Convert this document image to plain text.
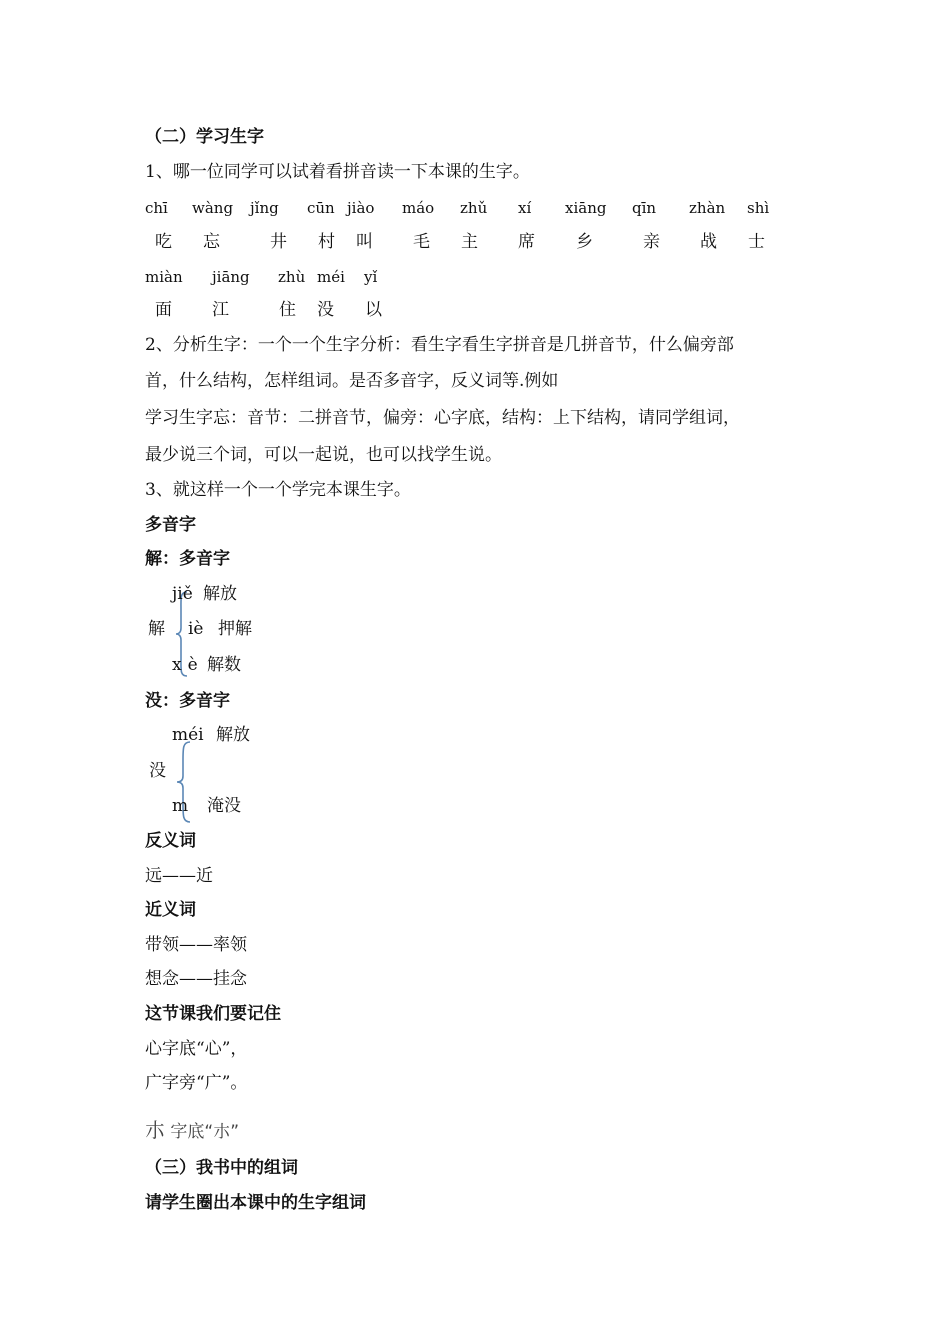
（二）学习生字
1、哪一位同学可以试着看拼音读一下本课的生字。
chī wàng jǐng cūn jiào máo zhǔ xí xiāng qīn zhàn shì
吃 忘	井 村 叫 毛 主 席 乡	亲 战 士
miàn jiāng zhù méi yǐ
面 江	住 没 以
2、分析生字：一个一个生字分析：看生字看生字拼音是几拼音节，什么偏旁部
首，什么结构，怎样组词。是否多音字，反义词等.例如
学习生字忘：音节：二拼音节，偏旁：心字底，结构：上下结构，请同学组词，
最少说三个词，可以一起说，也可以找学生说。
3、就这样一个一个学完本课生字。
多音字
解：多音字
解
jiě 解放
iè 押解
xè 解数
没：多音字
没
méi 解放
m 淹没
反义词
远——近
近义词
带领——率领
想念——挂念
这节课我们要记住
心字底“心”，
广字旁“广”。
朩 字底“朩”
（三）我书中的组词
请学生圈出本课中的生字组词
